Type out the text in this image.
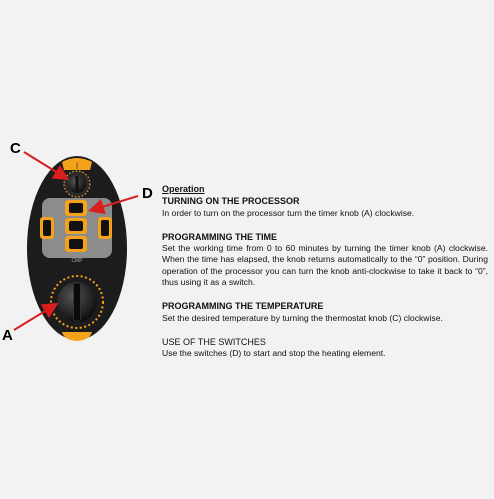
|
CMP
C
D
A

Operation

TURNING ON THE PROCESSOR

In order to turn on the processor turn the timer knob (A) clockwise.

PROGRAMMING THE TIME

Set the working time from 0 to 60 minutes by turning the timer knob (A) clockwise. When the time has elapsed, the knob returns automatically to the “0” position. During operation of the processor you can turn the knob anti-clockwise to take it back to “0”, thus using it as a switch.

PROGRAMMING THE TEMPERATURE

Set the desired temperature by turning the thermostat knob (C) clockwise.

USE OF THE SWITCHES

Use the switches (D) to start and stop the heating element.
